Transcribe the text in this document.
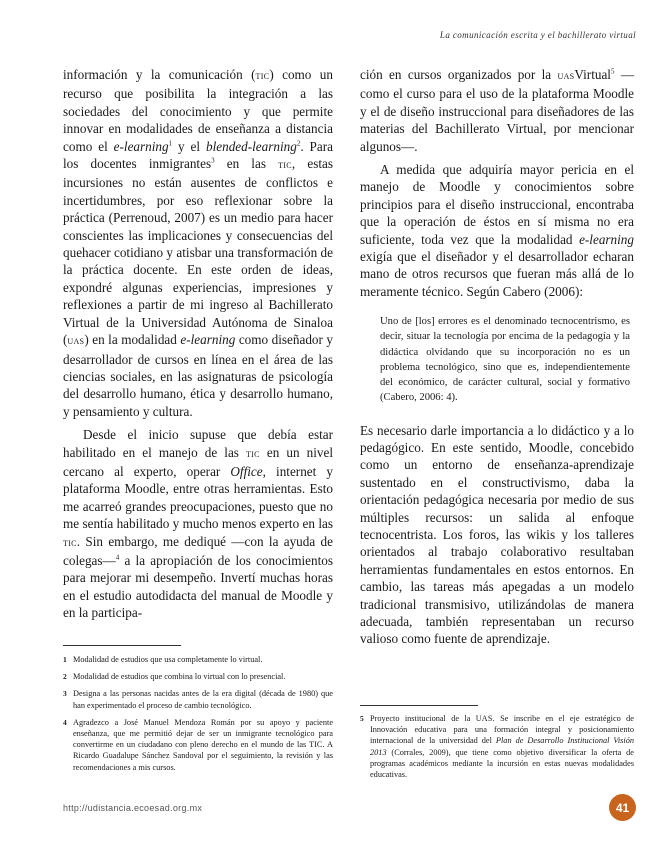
La comunicación escrita y el bachillerato virtual

información y la comunicación (tic) como un recurso que posibilita la integración a las sociedades del conocimiento y que permite innovar en modalidades de enseñanza a distancia como el e-learning$^1$ y el blended-learning$^2$. Para los docentes inmigrantes$^3$ en las tic, estas incursiones no están ausentes de conflictos e incertidumbres, por eso reflexionar sobre la práctica (Perrenoud, 2007) es un medio para hacer conscientes las implicaciones y consecuencias del quehacer cotidiano y atisbar una transformación de la práctica docente. En este orden de ideas, expondré algunas experiencias, impresiones y reflexiones a partir de mi ingreso al Bachillerato Virtual de la Universidad Autónoma de Sinaloa (uas) en la modalidad e-learning como diseñador y desarrollador de cursos en línea en el área de las ciencias sociales, en las asignaturas de psicología del desarrollo humano, ética y desarrollo humano, y pensamiento y cultura.

Desde el inicio supuse que debía estar habilitado en el manejo de las tic en un nivel cercano al experto, operar Office, internet y plataforma Moodle, entre otras herramientas. Esto me acarreó grandes preocupaciones, puesto que no me sentía habilitado y mucho menos experto en las tic. Sin embargo, me dediqué —con la ayuda de colegas—$^4$ a la apropiación de los conocimientos para mejorar mi desempeño. Invertí muchas horas en el estudio autodidacta del manual de Moodle y en la participa-

ción en cursos organizados por la uasVirtual$^5$ —como el curso para el uso de la plataforma Moodle y el de diseño instruccional para diseñadores de las materias del Bachillerato Virtual, por mencionar algunos—.

A medida que adquiría mayor pericia en el manejo de Moodle y conocimientos sobre principios para el diseño instruccional, encontraba que la operación de éstos en sí misma no era suficiente, toda vez que la modalidad e-learning exigía que el diseñador y el desarrollador echaran mano de otros recursos que fueran más allá de lo meramente técnico. Según Cabero (2006):

Uno de [los] errores es el denominado tecnocentrismo, es decir, situar la tecnología por encima de la pedagogía y la didáctica olvidando que su incorporación no es un problema tecnológico, sino que es, independientemente del económico, de carácter cultural, social y formativo (Cabero, 2006: 4).

Es necesario darle importancia a lo didáctico y a lo pedagógico. En este sentido, Moodle, concebido como un entorno de enseñanza-aprendizaje sustentado en el constructivismo, daba la orientación pedagógica necesaria por medio de sus múltiples recursos: un salida al enfoque tecnocentrista. Los foros, las wikis y los talleres orientados al trabajo colaborativo resultaban herramientas fundamentales en estos entornos. En cambio, las tareas más apegadas a un modelo tradicional transmisivo, utilizándolas de manera adecuada, también representaban un recurso valioso como fuente de aprendizaje.

1 Modalidad de estudios que usa completamente lo virtual.
2 Modalidad de estudios que combina lo virtual con lo presencial.
3 Designa a las personas nacidas antes de la era digital (década de 1980) que han experimentado el proceso de cambio tecnológico.
4 Agradezco a José Manuel Mendoza Román por su apoyo y paciente enseñanza, que me permitió dejar de ser un inmigrante tecnológico para convertirme en un ciudadano con pleno derecho en el mundo de las TIC. A Ricardo Guadalupe Sánchez Sandoval por el seguimiento, la revisión y las recomendaciones a mis cursos.
5 Proyecto institucional de la uas. Se inscribe en el eje estratégico de Innovación educativa para una formación integral y posicionamiento internacional de la universidad del Plan de Desarrollo Institucional Visión 2013 (Corrales, 2009), que tiene como objetivo diversificar la oferta de programas académicos mediante la incursión en estas nuevas modalidades educativas.
http://udistancia.ecoesad.org.mx	41
